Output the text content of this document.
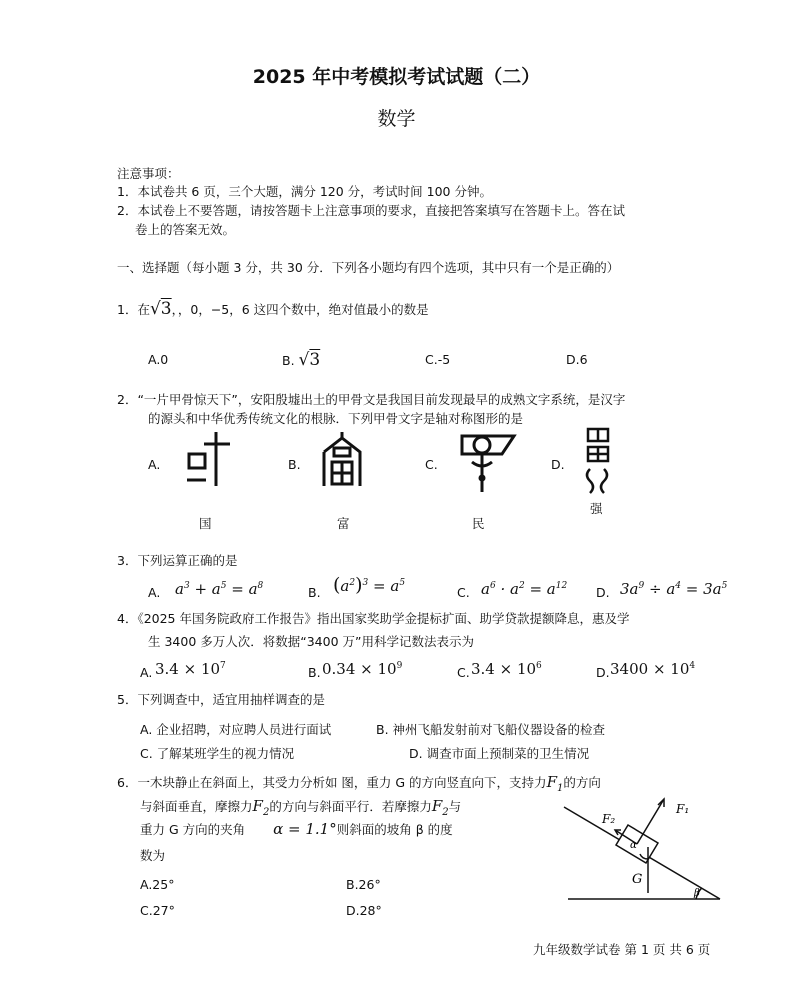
2025 年中考模拟考试试题（二）
数学
注意事项：
1．本试卷共 6 页，三个大题，满分 120 分，考试时间 100 分钟。
2．本试卷上不要答题，请按答题卡上注意事项的要求，直接把答案填写在答题卡上。答在试
卷上的答案无效。
一、选择题（每小题 3 分，共 30 分．下列各小题均有四个选项，其中只有一个是正确的）
1．在√3，，0，−5，6 这四个数中，绝对值最小的数是
A.0	B. √3	C.-5	D.6
2．“一片甲骨惊天下”，安阳殷墟出土的甲骨文是我国目前发现最早的成熟文字系统，是汉字
的源头和中华优秀传统文化的根脉．下列甲骨文字是轴对称图形的是
A.	B.	C.	D.
国	富	民
强
3．下列运算正确的是
A. $a^3 + a^5 = a^8$	B. $(a^2)^3 = a^5$
C. $a^6 \cdot a^2 = a^{12}$ D. $3a^9 \div a^4 = 3a^5$
4．《2025 年国务院政府工作报告》指出国家奖助学金提标扩面、助学贷款提额降息，惠及学
生 3400 多万人次．将数据“3400 万”用科学记数法表示为
A. $3.4 \times 10^7$	B. $0.34 \times 10^9$	C. $3.4 \times 10^6$	D. $3400 \times 10^4$
5．下列调查中，适宜用抽样调查的是
A. 企业招聘，对应聘人员进行面试	B. 神州飞船发射前对飞船仪器设备的检查
C. 了解某班学生的视力情况	D. 调查市面上预制菜的卫生情况
6．一木块静止在斜面上，其受力分析如 图，重力 G 的方向竖直向下，支持力$F_1$的方向
与斜面垂直，摩擦力$F_2$的方向与斜面平行．若摩擦力$F_2$与
重力 G 方向的夹角 α = 1.1°则斜面的坡角 β 的度
数为
A.25°	B.26°
C.27°	D.28°
F₁
F₂
G
α
β
九年级数学试卷 第 1 页 共 6 页
